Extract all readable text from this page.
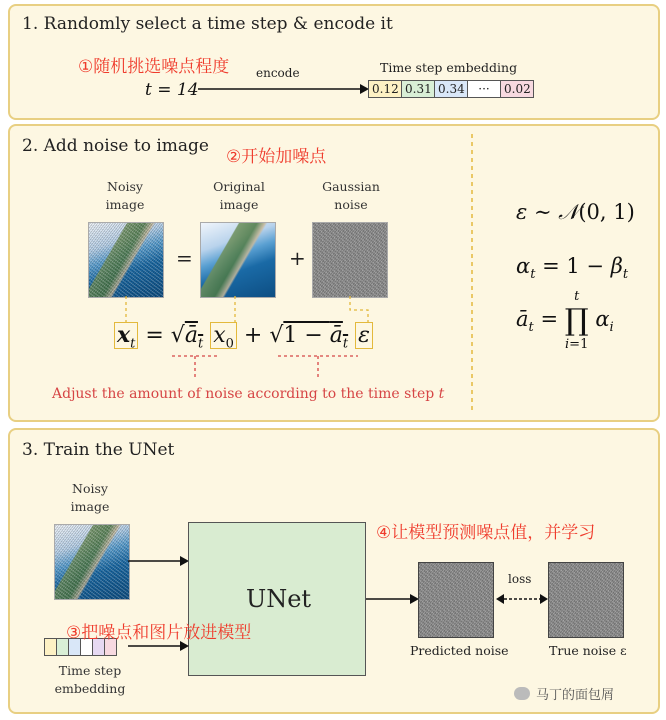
1. Randomly select a time step & encode it
①随机挑选噪点程度
t = 14
encode	Time step embedding
0.12 0.31 0.34	···	0.02
2. Add noise to image
②开始加噪点
Noisy
image
Original
image
Gaussian
noise
=	+
$x_t$ = $√ā_t$ $x_0 + √1$ − $ā_t$ ε
Adjust the amount of noise according to the time step t
ε ∼ 𝒩(0, 1)
$\alpha_t = 1 - \beta_t$
$ā_t$ =
t
∏
i=1
$\alpha_i$
3. Train the UNet
Noisy
image
UNet
Time step
embedding
③把噪点和图片放进模型
④让模型预测噪点值，并学习
loss
Predicted noise	True noise ε
马丁的面包屑
